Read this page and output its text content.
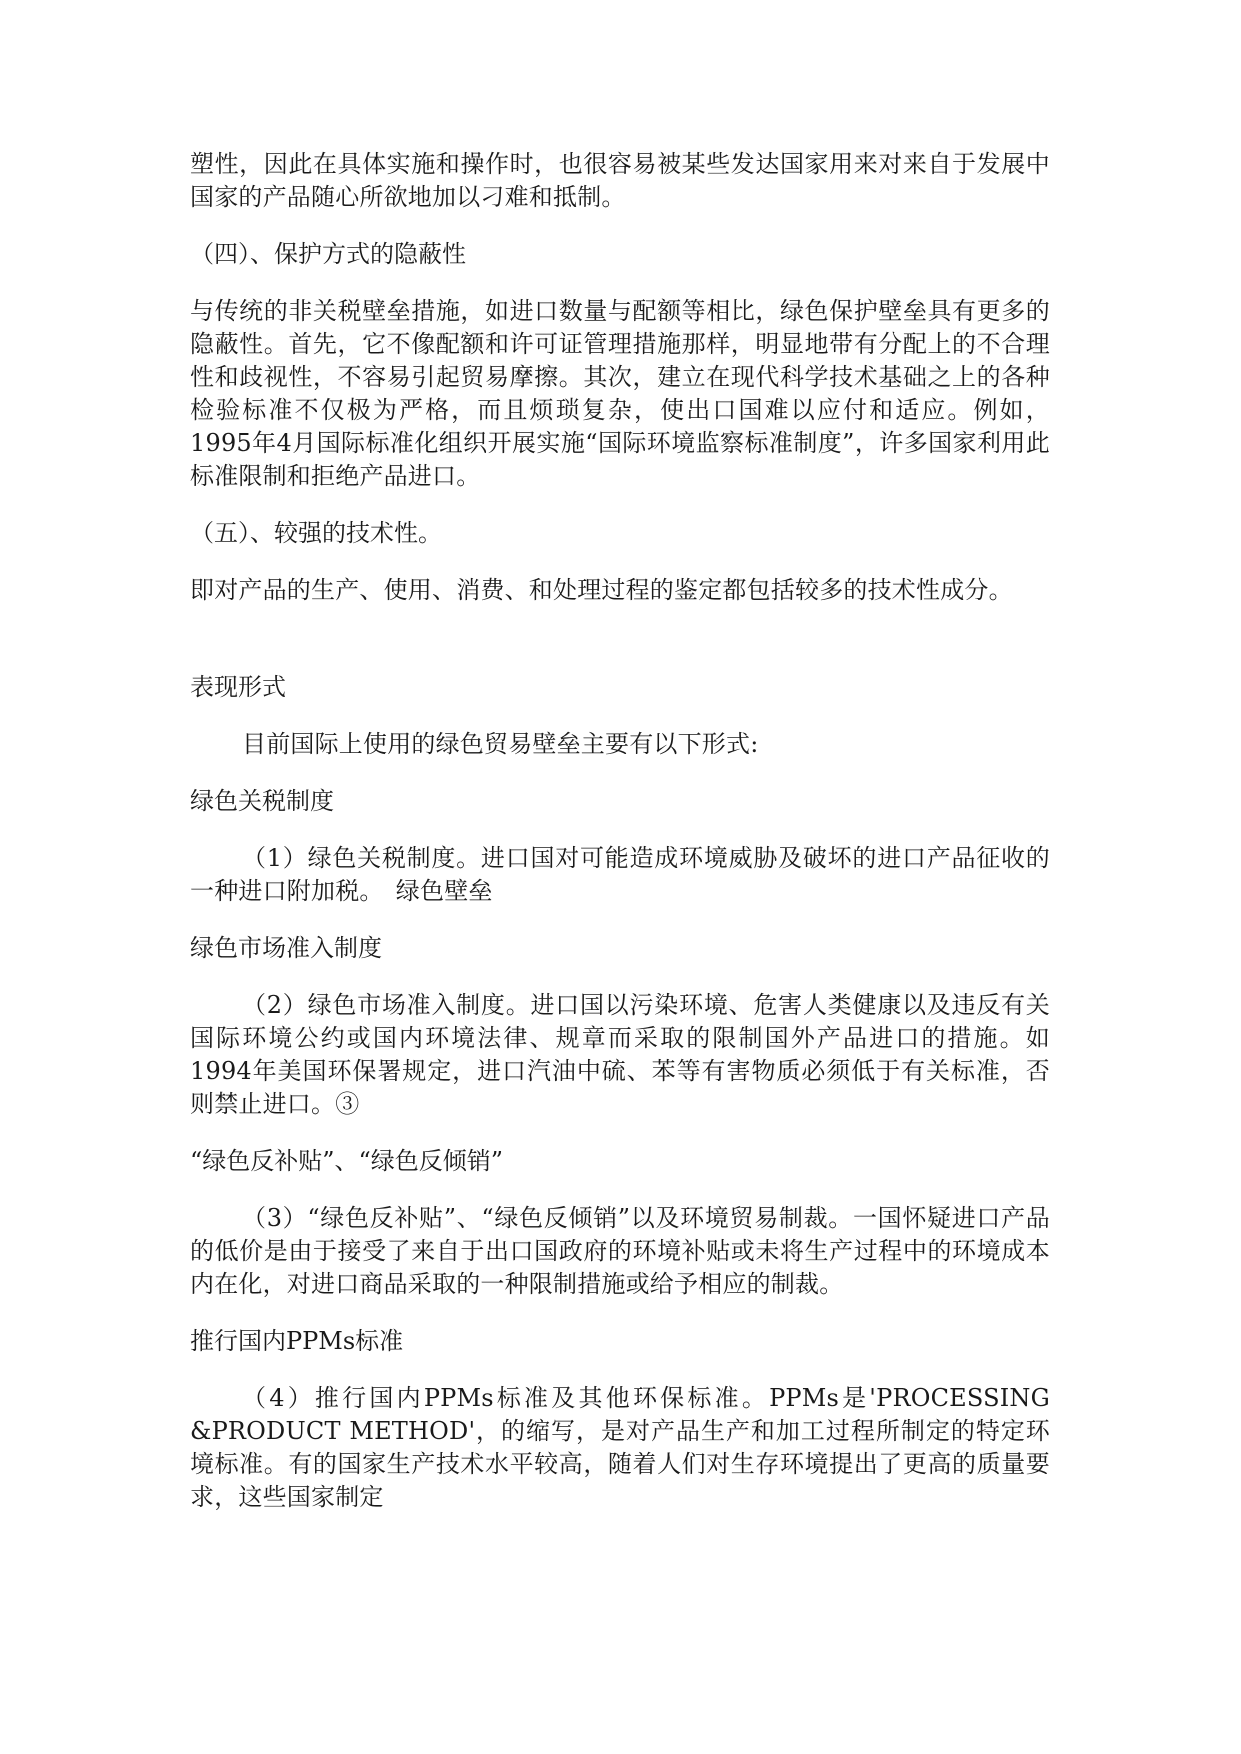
塑性，因此在具体实施和操作时，也很容易被某些发达国家用来对来自于发展中国家的产品随心所欲地加以刁难和抵制。

（四）、保护方式的隐蔽性

与传统的非关税壁垒措施，如进口数量与配额等相比，绿色保护壁垒具有更多的隐蔽性。首先，它不像配额和许可证管理措施那样，明显地带有分配上的不合理性和歧视性，不容易引起贸易摩擦。其次，建立在现代科学技术基础之上的各种检验标准不仅极为严格，而且烦琐复杂，使出口国难以应付和适应。例如，1995年4月国际标准化组织开展实施“国际环境监察标准制度”，许多国家利用此标准限制和拒绝产品进口。

（五）、较强的技术性。

即对产品的生产、使用、消费、和处理过程的鉴定都包括较多的技术性成分。

表现形式

目前国际上使用的绿色贸易壁垒主要有以下形式:

绿色关税制度

（1）绿色关税制度。进口国对可能造成环境威胁及破坏的进口产品征收的一种进口附加税。　绿色壁垒

绿色市场准入制度

（2）绿色市场准入制度。进口国以污染环境、危害人类健康以及违反有关国际环境公约或国内环境法律、规章而采取的限制国外产品进口的措施。如1994年美国环保署规定，进口汽油中硫、苯等有害物质必须低于有关标准，否则禁止进口。③

“绿色反补贴”、“绿色反倾销”

（3）“绿色反补贴”、“绿色反倾销”以及环境贸易制裁。一国怀疑进口产品的低价是由于接受了来自于出口国政府的环境补贴或未将生产过程中的环境成本内在化，对进口商品采取的一种限制措施或给予相应的制裁。

推行国内PPMs标准

（4）推行国内PPMs标准及其他环保标准。PPMs是'PROCESSING &PRODUCT METHOD'，的缩写，是对产品生产和加工过程所制定的特定环境标准。有的国家生产技术水平较高，随着人们对生存环境提出了更高的质量要求，这些国家制定
